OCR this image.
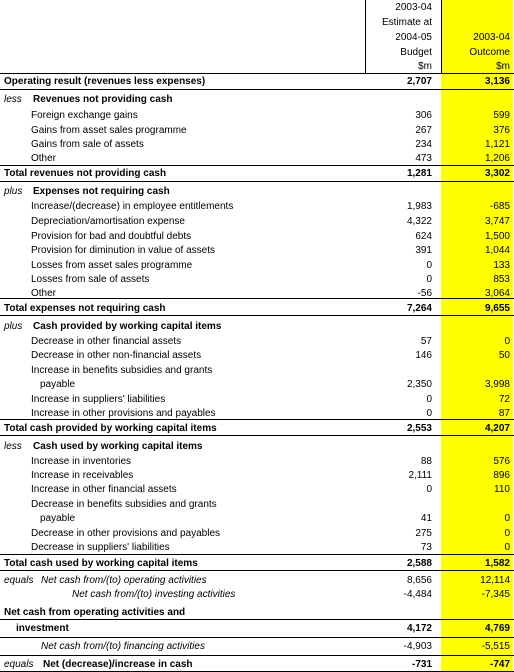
2003-04
Estimate at
2004-05
Budget
$m
2003-04
Outcome
$m
Operating result (revenues less expenses)	2,707	3,136
less Revenues not providing cash
Foreign exchange gains	306	599
Gains from asset sales programme	267	376
Gains from sale of assets	234	1,121
Other	473	1,206
Total revenues not providing cash	1,281	3,302
plus Expenses not requiring cash
Increase/(decrease) in employee entitlements	1,983	-685
Depreciation/amortisation expense	4,322	3,747
Provision for bad and doubtful debts	624	1,500
Provision for diminution in value of assets	391	1,044
Losses from asset sales programme	0	133
Losses from sale of assets	0	853
Other	-56	3,064
Total expenses not requiring cash	7,264	9,655
plus Cash provided by working capital items
Decrease in other financial assets	57	0
Decrease in other non-financial assets	146	50
Increase in benefits subsidies and grants
payable	2,350	3,998
Increase in suppliers' liabilities	0	72
Increase in other provisions and payables	0	87
Total cash provided by working capital items	2,553	4,207
less Cash used by working capital items
Increase in inventories	88	576
Increase in receivables	2,111	896
Increase in other financial assets	0	110
Decrease in benefits subsidies and grants
payable	41	0
Decrease in other provisions and payables	275	0
Decrease in suppliers' liabilities	73	0
Total cash used by working capital items	2,588	1,582
equals Net cash from/(to) operating activities	8,656	12,114
Net cash from/(to) investing activities	-4,484	-7,345
Net cash from operating activities and
investment	4,172	4,769
Net cash from/(to) financing activities	-4,903	-5,515
equals Net (decrease)/increase in cash	-731	-747
